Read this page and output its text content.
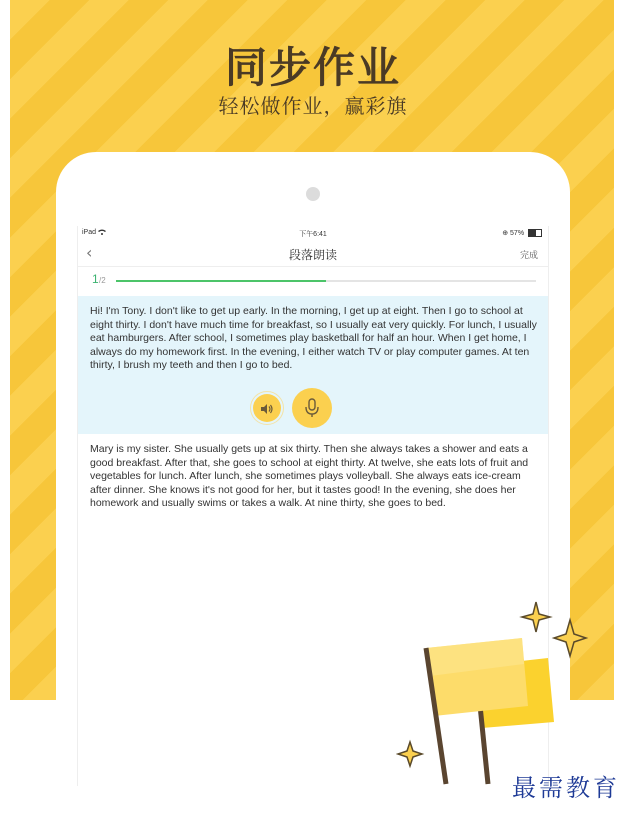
同步作业
轻松做作业，赢彩旗
iPad	下午6:41	⊕ 57%
‹	段落朗读	完成
1 /2

Hi! I'm Tony. I don't like to get up early. In the morning, I get up at eight. Then I go to school at eight thirty. I don't have much time for breakfast, so I usually eat very quickly. For lunch, I usually eat hamburgers. After school, I sometimes play basketball for half an hour. When I get home, I always do my homework first. In the evening, I either watch TV or play computer games. At ten thirty, I brush my teeth and then I go to bed.

Mary is my sister. She usually gets up at six thirty. Then she always takes a shower and eats a good breakfast. After that, she goes to school at eight thirty. At twelve, she eats lots of fruit and vegetables for lunch. After lunch, she sometimes plays volleyball. She always eats ice-cream after dinner. She knows it's not good for her, but it tastes good! In the evening, she does her homework and usually swims or takes a walk. At nine thirty, she goes to bed.

最需教育
